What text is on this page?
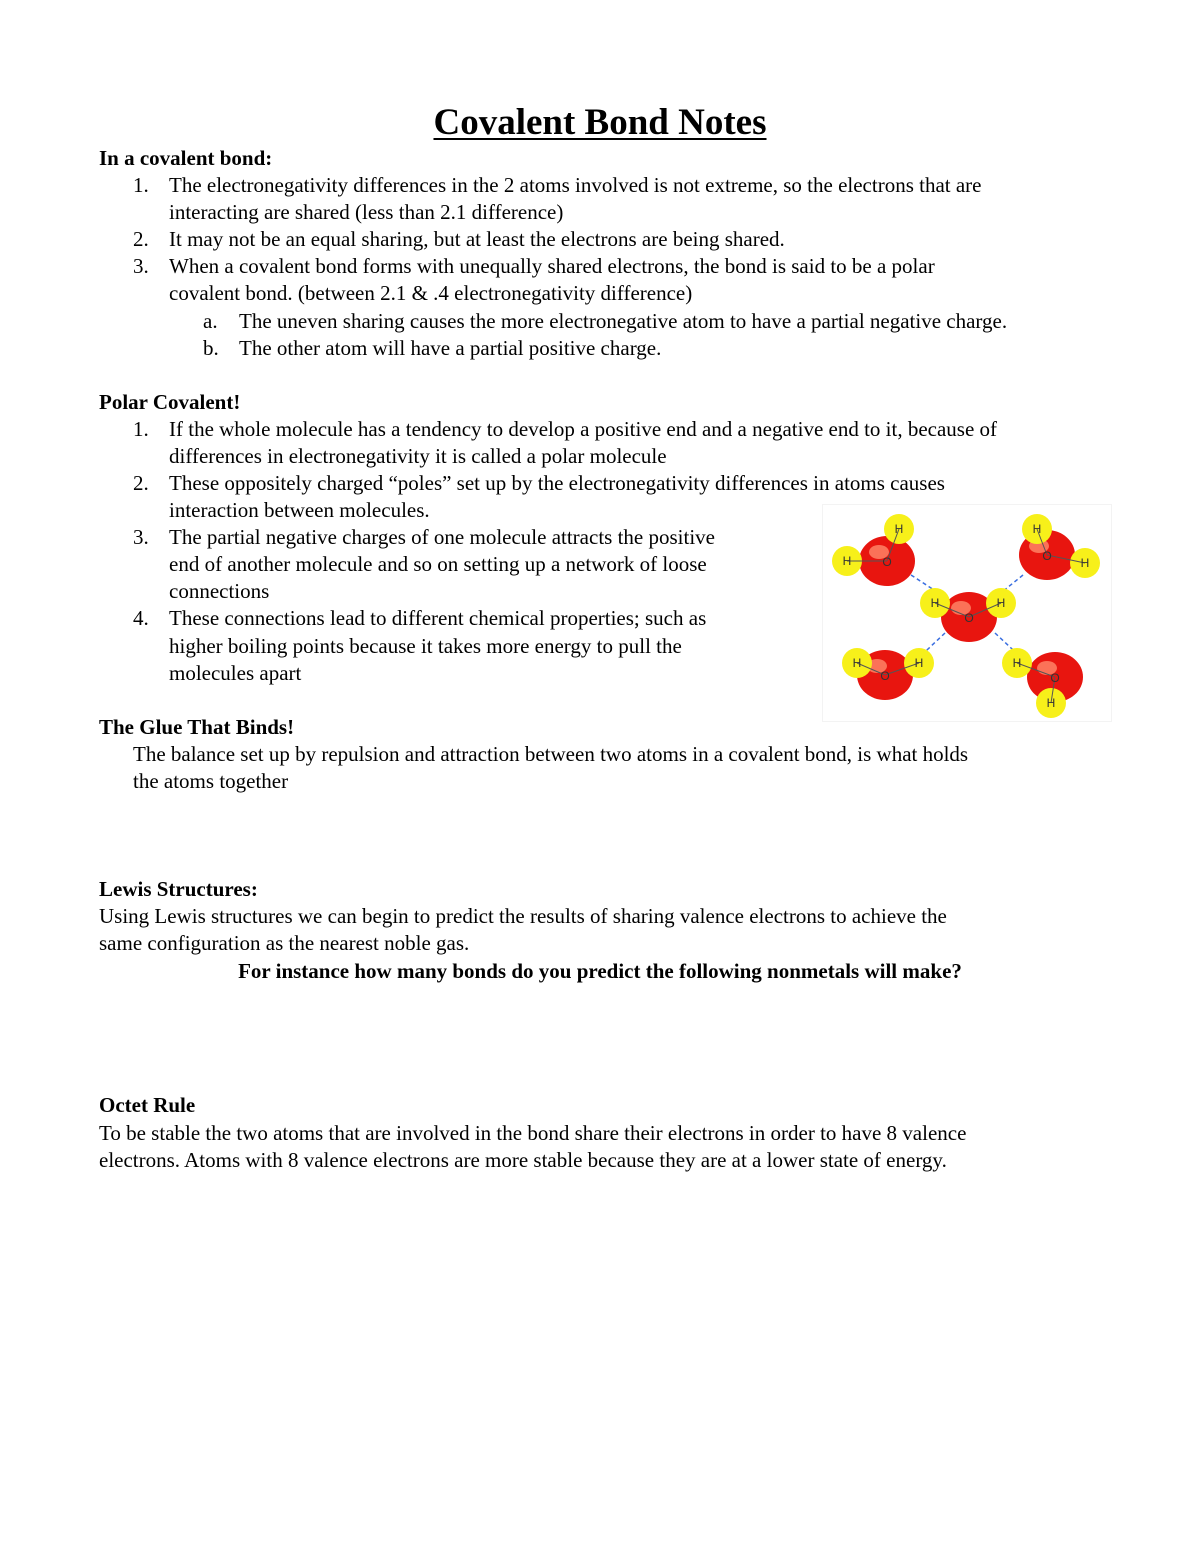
Covalent Bond Notes
In a covalent bond:
1. The electronegativity differences in the 2 atoms involved is not extreme, so the electrons that are
interacting are shared (less than 2.1 difference)
2. It may not be an equal sharing, but at least the electrons are being shared.
3. When a covalent bond forms with unequally shared electrons, the bond is said to be a polar
covalent bond. (between 2.1 & .4 electronegativity difference)
a. The uneven sharing causes the more electronegative atom to have a partial negative charge.
b. The other atom will have a partial positive charge.
Polar Covalent!
1. If the whole molecule has a tendency to develop a positive end and a negative end to it, because of
differences in electronegativity it is called a polar molecule
2. These oppositely charged “poles” set up by the electronegativity differences in atoms causes
interaction between molecules.
3. The partial negative charges of one molecule attracts the positive
end of another molecule and so on setting up a network of loose
connections
4. These connections lead to different chemical properties; such as
higher boiling points because it takes more energy to pull the
molecules apart
H
H
O
H
H
O
H	H
O
H	H
O
H
H
O
The Glue That Binds!
The balance set up by repulsion and attraction between two atoms in a covalent bond, is what holds
the atoms together
Lewis Structures:
Using Lewis structures we can begin to predict the results of sharing valence electrons to achieve the
same configuration as the nearest noble gas.
For instance how many bonds do you predict the following nonmetals will make?
Octet Rule
To be stable the two atoms that are involved in the bond share their electrons in order to have 8 valence
electrons. Atoms with 8 valence electrons are more stable because they are at a lower state of energy.
